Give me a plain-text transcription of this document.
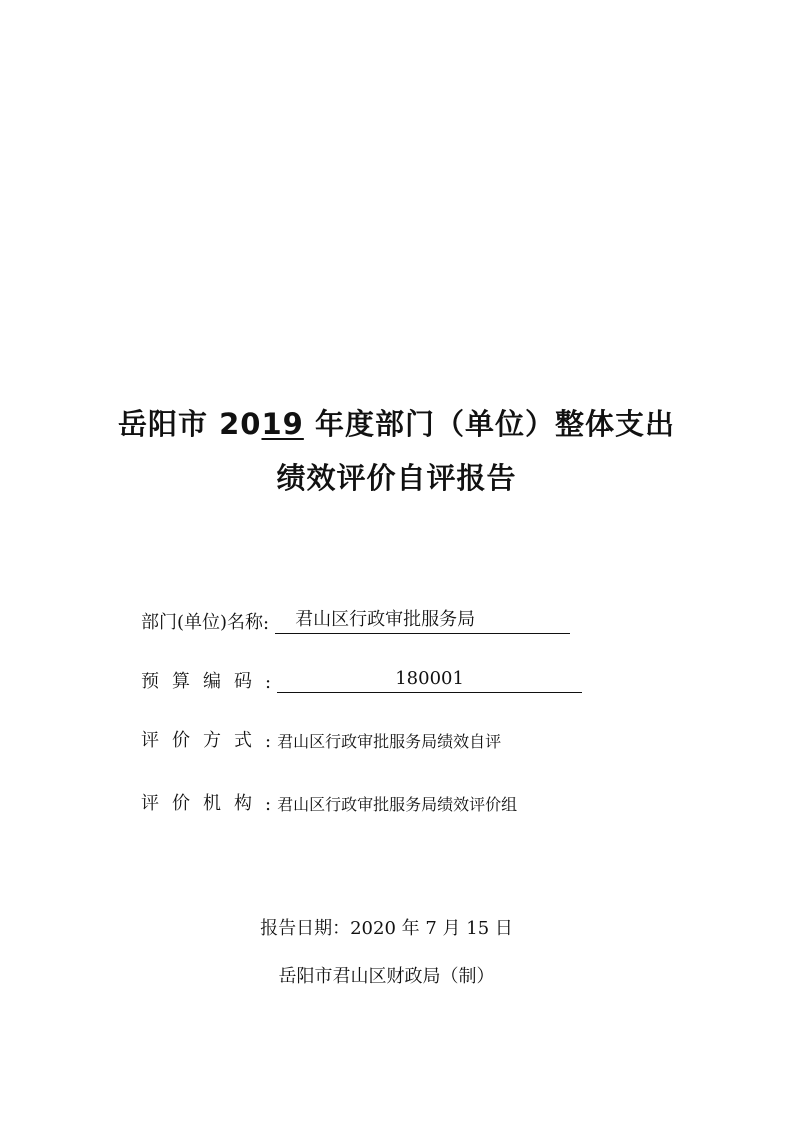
岳阳市 2019 年度部门（单位）整体支出
绩效评价自评报告
部门(单位)名称 :	君山区行政审批服务局
预算编码 :	180001
评价方式 : 君山区行政审批服务局绩效自评
评价机构 : 君山区行政审批服务局绩效评价组
报告日期：2020 年 7 月 15 日
岳阳市君山区财政局（制）
